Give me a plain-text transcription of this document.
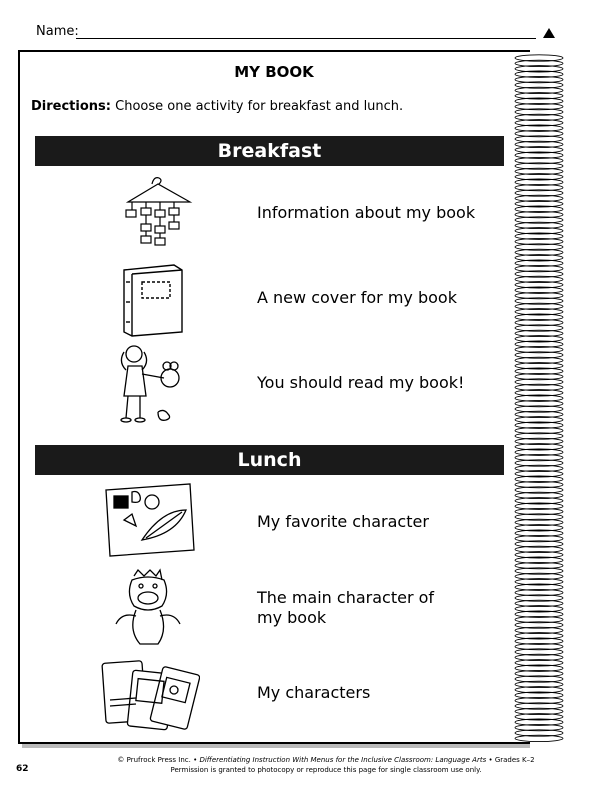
Name:
MY BOOK
Directions: Choose one activity for breakfast and lunch.
Breakfast
Information about my book
A new cover for my book
You should read my book!
Lunch
My favorite character
The main character of
my book
My characters
© Prufrock Press Inc. • Differentiating Instruction With Menus for the Inclusive Classroom: Language Arts • Grades K–2
Permission is granted to photocopy or reproduce this page for single classroom use only.
62
